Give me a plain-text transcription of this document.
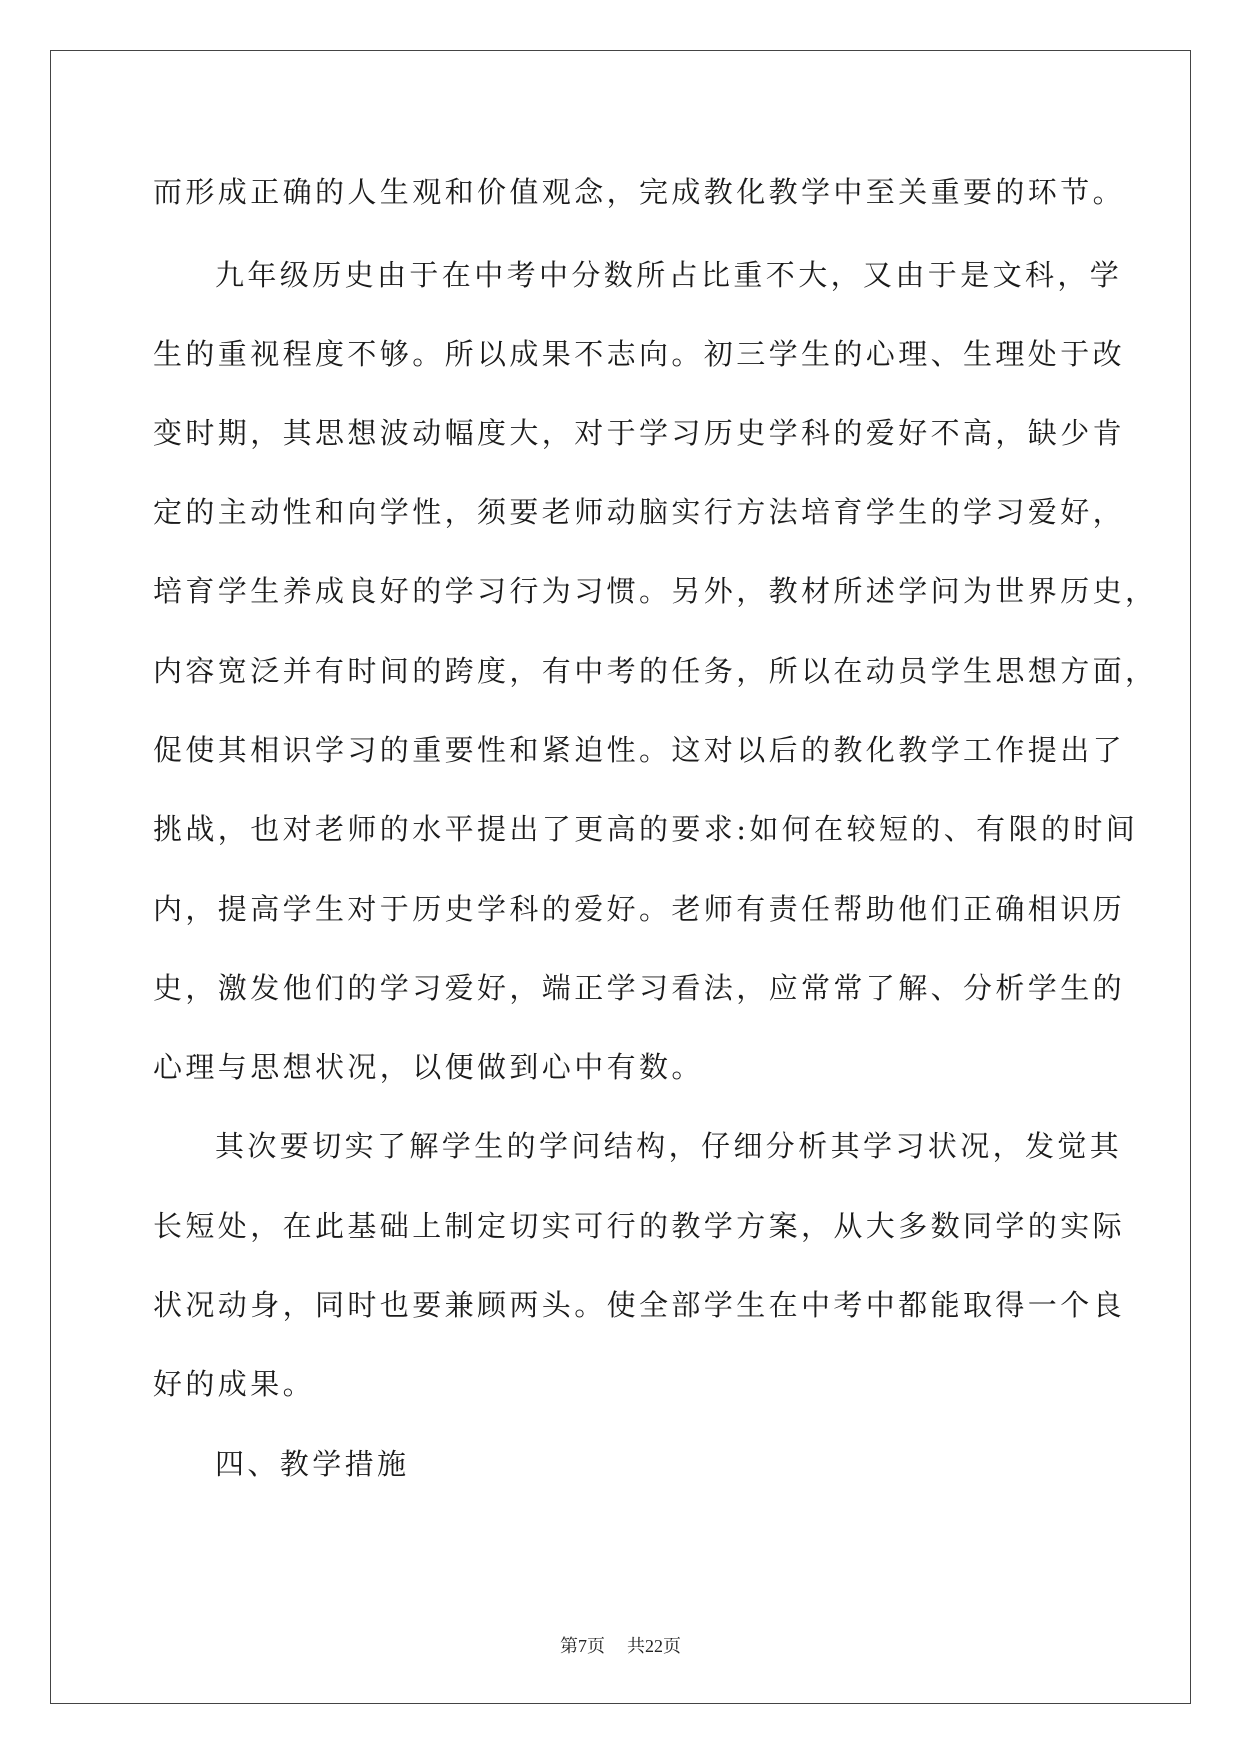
而形成正确的人生观和价值观念，完成教化教学中至关重要的环节。
九年级历史由于在中考中分数所占比重不大，又由于是文科，学
生的重视程度不够。所以成果不志向。初三学生的心理、生理处于改
变时期，其思想波动幅度大，对于学习历史学科的爱好不高，缺少肯
定的主动性和向学性，须要老师动脑实行方法培育学生的学习爱好，
培育学生养成良好的学习行为习惯。另外，教材所述学问为世界历史，
内容宽泛并有时间的跨度，有中考的任务，所以在动员学生思想方面，
促使其相识学习的重要性和紧迫性。这对以后的教化教学工作提出了
挑战，也对老师的水平提出了更高的要求:如何在较短的、有限的时间
内，提高学生对于历史学科的爱好。老师有责任帮助他们正确相识历
史，激发他们的学习爱好，端正学习看法，应常常了解、分析学生的
心理与思想状况，以便做到心中有数。
其次要切实了解学生的学问结构，仔细分析其学习状况，发觉其
长短处，在此基础上制定切实可行的教学方案，从大多数同学的实际
状况动身，同时也要兼顾两头。使全部学生在中考中都能取得一个良
好的成果。
四、教学措施
第7页 共22页
